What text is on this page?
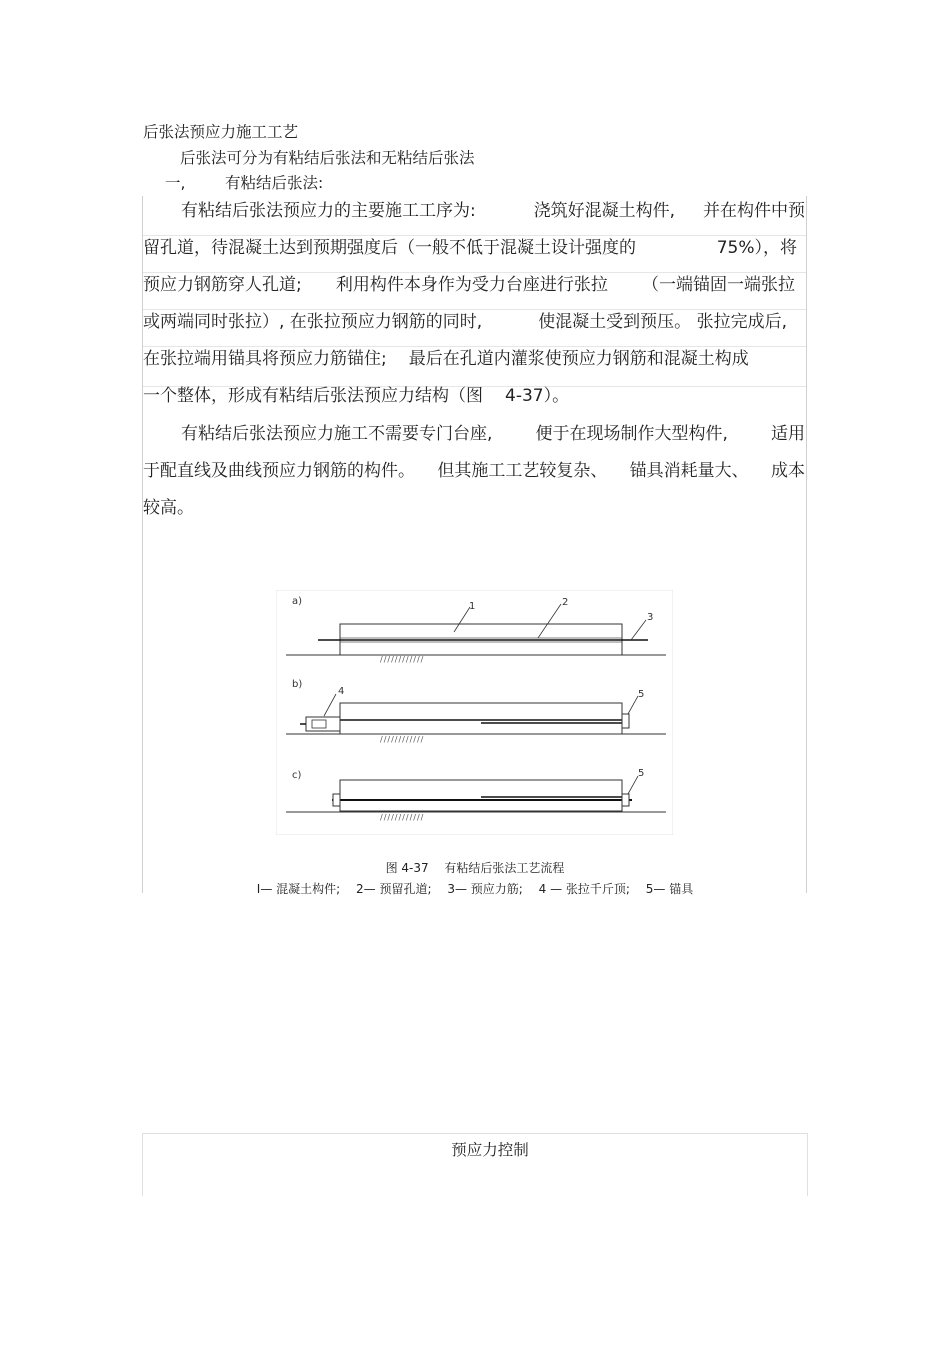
后张法预应力施工工艺
后张法可分为有粘结后张法和无粘结后张法
一,	有粘结后张法:
有粘结后张法预应力的主要施工工序为:	浇筑好混凝土构件, 并在构件中预
留孔道，待混凝土达到预期强度后（一般不低于混凝土设计强度的	75%），将
预应力钢筋穿人孔道; 利用构件本身作为受力台座进行张拉 （一端锚固一端张拉
或两端同时张拉）, 在张拉预应力钢筋的同时,	使混凝土受到预压。 张拉完成后,
在张拉端用锚具将预应力筋锚住; 最后在孔道内灌浆使预应力钢筋和混凝土构成
一个整体，形成有粘结后张法预应力结构（图 4-37）。
有粘结后张法预应力施工不需要专门台座,	便于在现场制作大型构件,	适用
于配直线及曲线预应力钢筋的构件。 但其施工工艺较复杂、 锚具消耗量大、 成本
较高。
a)	1	2
3
////////////
b)
4	5
////////////
c)	5
////////////
图 4-37　 有粘结后张法工艺流程
I— 混凝土构件;　 2— 预留孔道;　 3— 预应力筋;　 4 — 张拉千斤顶;　 5— 锚具
预应力控制
